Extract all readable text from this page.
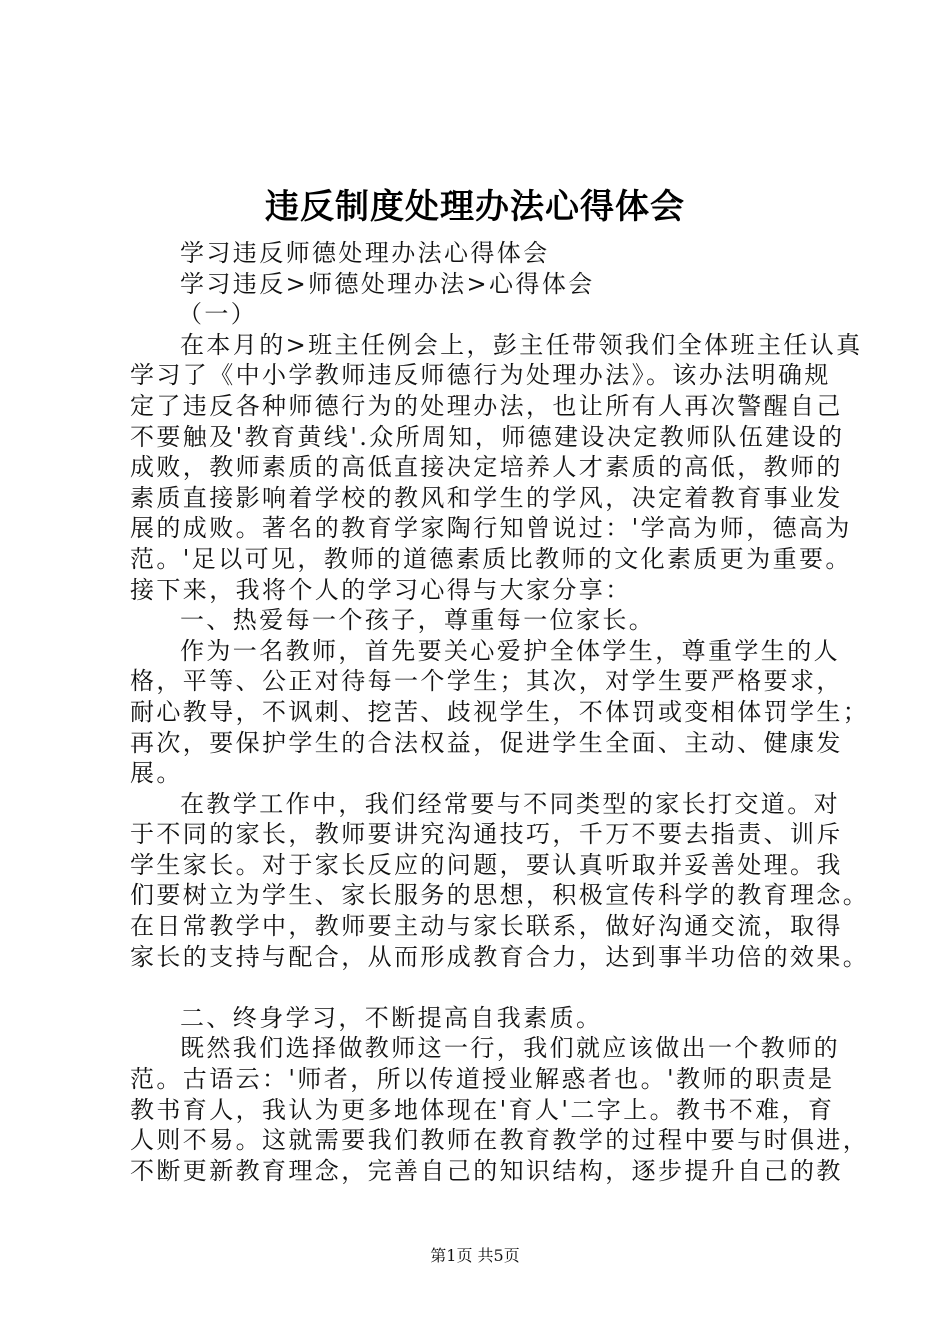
违反制度处理办法心得体会
学习违反师德处理办法心得体会
学习违反>师德处理办法>心得体会
（一）
在本月的>班主任例会上，彭主任带领我们全体班主任认真
学习了《中小学教师违反师德行为处理办法》。该办法明确规
定了违反各种师德行为的处理办法，也让所有人再次警醒自己
不要触及'教育黄线'.众所周知，师德建设决定教师队伍建设的
成败，教师素质的高低直接决定培养人才素质的高低，教师的
素质直接影响着学校的教风和学生的学风，决定着教育事业发
展的成败。著名的教育学家陶行知曾说过：'学高为师，德高为
范。'足以可见，教师的道德素质比教师的文化素质更为重要。
接下来，我将个人的学习心得与大家分享：
一、热爱每一个孩子，尊重每一位家长。
作为一名教师，首先要关心爱护全体学生，尊重学生的人
格，平等、公正对待每一个学生；其次，对学生要严格要求，
耐心教导，不讽刺、挖苦、歧视学生，不体罚或变相体罚学生；
再次，要保护学生的合法权益，促进学生全面、主动、健康发
展。
在教学工作中，我们经常要与不同类型的家长打交道。对
于不同的家长，教师要讲究沟通技巧，千万不要去指责、训斥
学生家长。对于家长反应的问题，要认真听取并妥善处理。我
们要树立为学生、家长服务的思想，积极宣传科学的教育理念。
在日常教学中，教师要主动与家长联系，做好沟通交流，取得
家长的支持与配合，从而形成教育合力，达到事半功倍的效果。
二、终身学习，不断提高自我素质。
既然我们选择做教师这一行，我们就应该做出一个教师的
范。古语云：'师者，所以传道授业解惑者也。'教师的职责是
教书育人，我认为更多地体现在'育人'二字上。教书不难，育
人则不易。这就需要我们教师在教育教学的过程中要与时俱进，
不断更新教育理念，完善自己的知识结构，逐步提升自己的教
第1页 共5页
